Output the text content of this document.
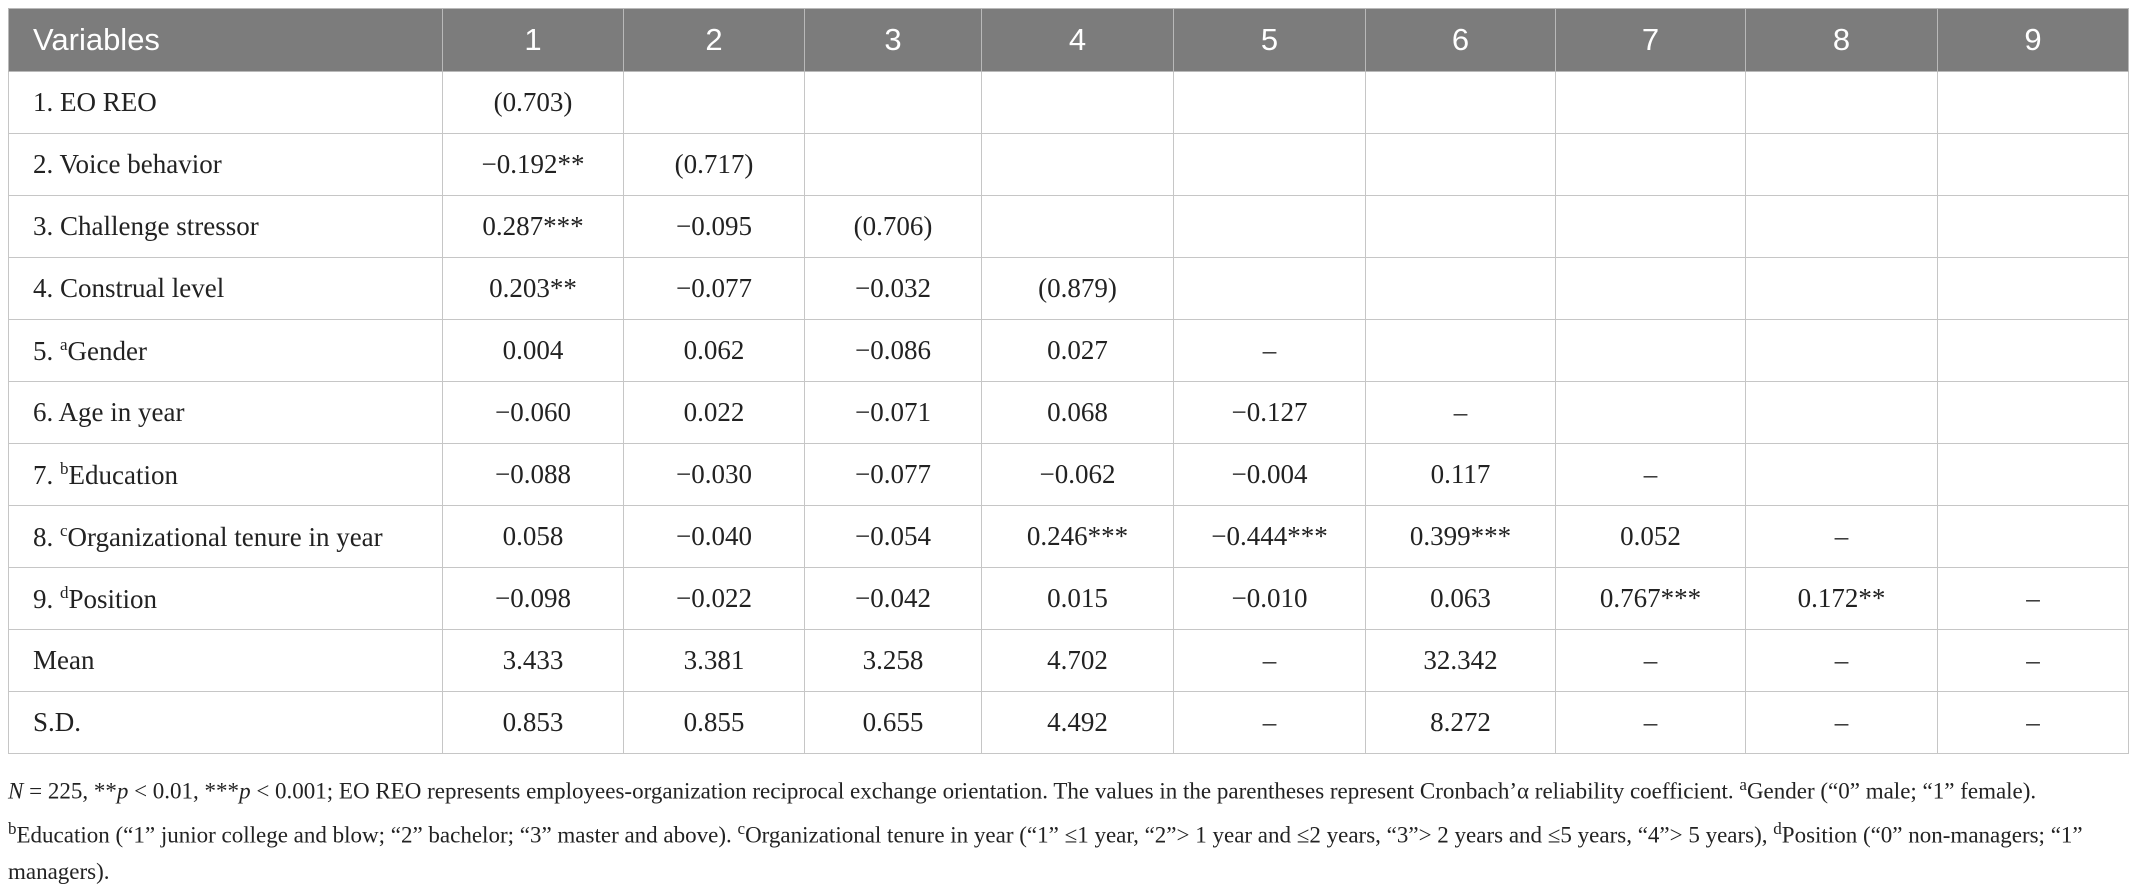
Variables	1	2	3	4	5	6	7	8	9
1. EO REO	(0.703)								
2. Voice behavior	−0.192**	(0.717)							
3. Challenge stressor	0.287***	−0.095	(0.706)						
4. Construal level	0.203**	−0.077	−0.032	(0.879)					
5. $^a$Gender	0.004	0.062	−0.086	0.027	–				
6. Age in year	−0.060	0.022	−0.071	0.068	−0.127	–			
7. $^b$Education	−0.088	−0.030	−0.077	−0.062	−0.004	0.117	–		
8. $^c$Organizational tenure in year	0.058	−0.040	−0.054	0.246***	−0.444***	0.399***	0.052	–	
9. $^d$Position	−0.098	−0.022	−0.042	0.015	−0.010	0.063	0.767***	0.172**	–
Mean	3.433	3.381	3.258	4.702	–	32.342	–	–	–
S.D.	0.853	0.855	0.655	4.492	–	8.272	–	–	–
N = 225, **p < 0.01, ***p < 0.001; EO REO represents employees-organization reciprocal exchange orientation. The values in the parentheses represent Cronbach’α reliability coefficient. $^a$Gender (“0” male; “1” female). $^b$Education (“1” junior college and blow; “2” bachelor; “3” master and above). $^c$Organizational tenure in year (“1” ≤1 year, “2”> 1 year and ≤2 years, “3”> 2 years and ≤5 years, “4”> 5 years), $^d$Position (“0” non-managers; “1” managers).
